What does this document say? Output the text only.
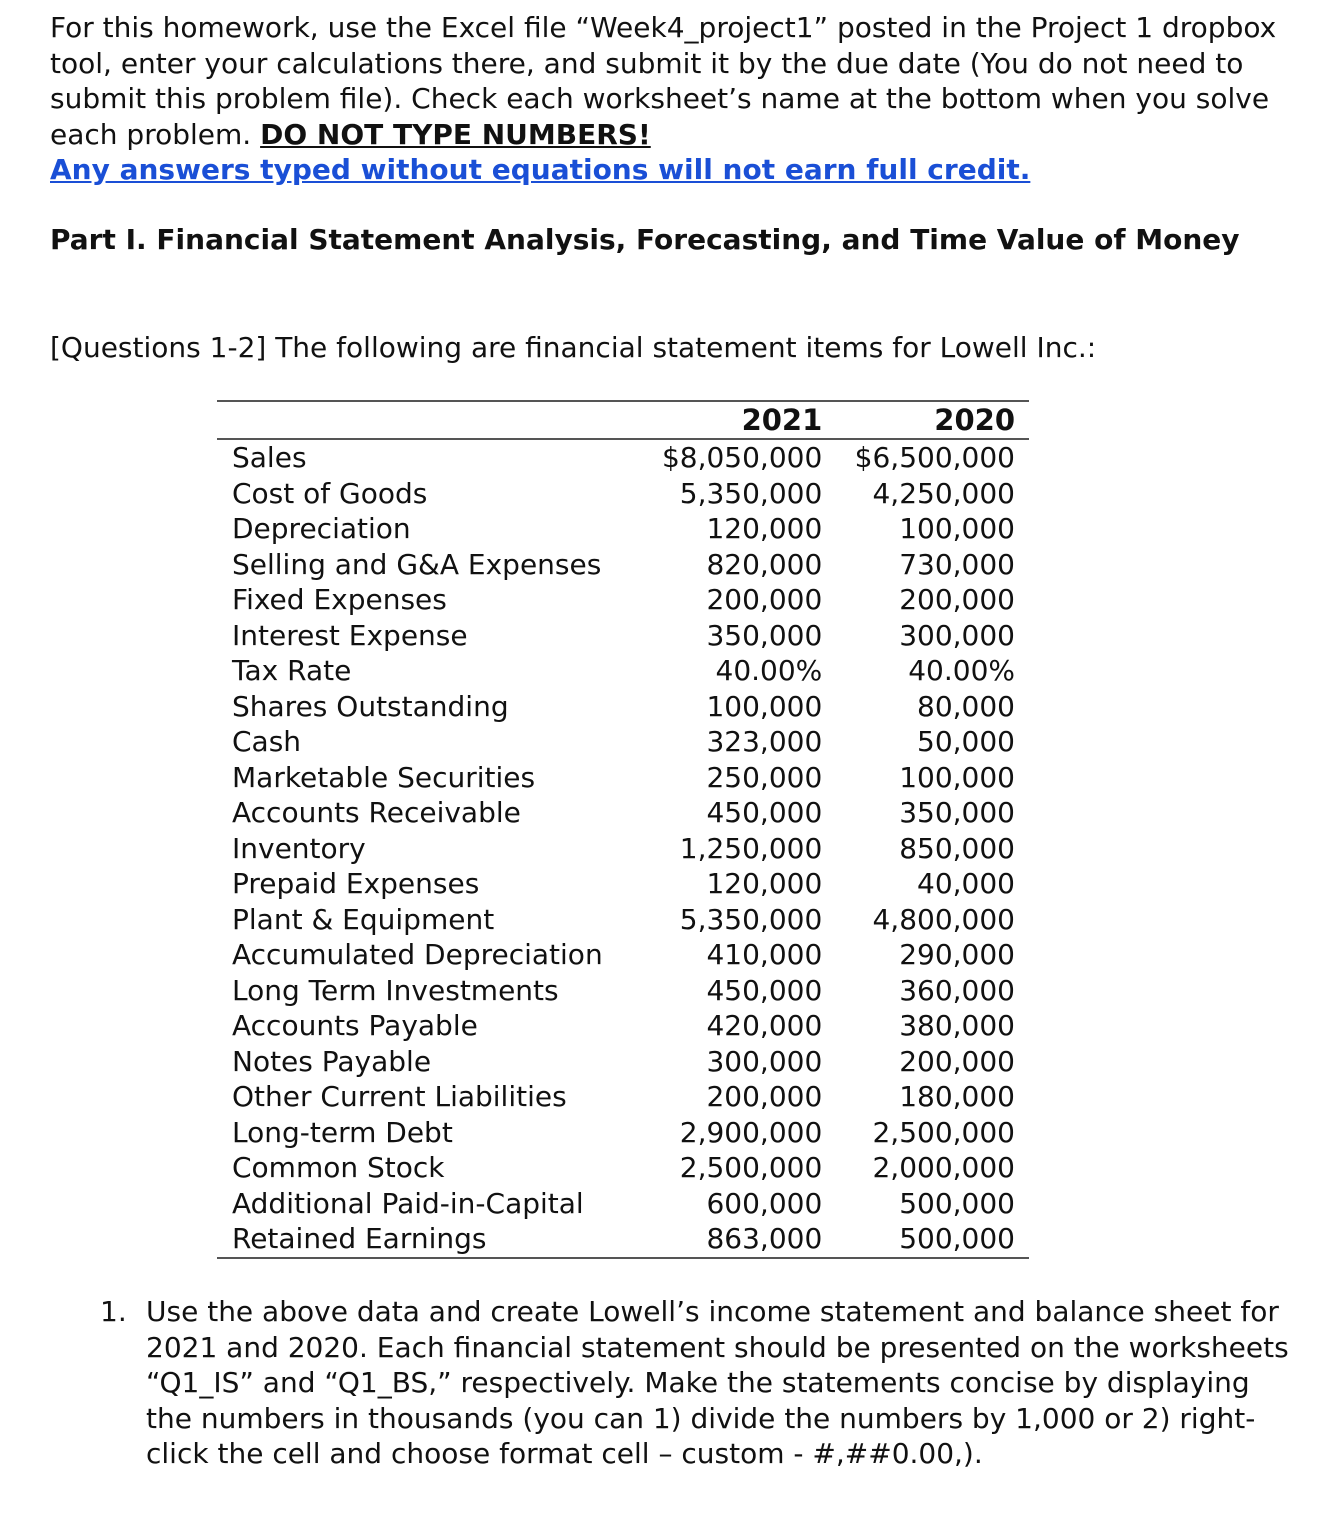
For this homework, use the Excel file “Week4_project1” posted in the Project 1 dropbox tool, enter your calculations there, and submit it by the due date (You do not need to submit this problem file). Check each worksheet’s name at the bottom when you solve each problem. DO NOT TYPE NUMBERS!
Any answers typed without equations will not earn full credit.

Part I. Financial Statement Analysis, Forecasting, and Time Value of Money

[Questions 1-2] The following are financial statement items for Lowell Inc.:

	2021	2020
Sales	$8,050,000	$6,500,000
Cost of Goods	5,350,000	4,250,000
Depreciation	120,000	100,000
Selling and G&A Expenses	820,000	730,000
Fixed Expenses	200,000	200,000
Interest Expense	350,000	300,000
Tax Rate	40.00%	40.00%
Shares Outstanding	100,000	80,000
Cash	323,000	50,000
Marketable Securities	250,000	100,000
Accounts Receivable	450,000	350,000
Inventory	1,250,000	850,000
Prepaid Expenses	120,000	40,000
Plant & Equipment	5,350,000	4,800,000
Accumulated Depreciation	410,000	290,000
Long Term Investments	450,000	360,000
Accounts Payable	420,000	380,000
Notes Payable	300,000	200,000
Other Current Liabilities	200,000	180,000
Long-term Debt	2,900,000	2,500,000
Common Stock	2,500,000	2,000,000
Additional Paid-in-Capital	600,000	500,000
Retained Earnings	863,000	500,000
1. Use the above data and create Lowell’s income statement and balance sheet for 2021 and 2020. Each financial statement should be presented on the worksheets “Q1_IS” and “Q1_BS,” respectively. Make the statements concise by displaying the numbers in thousands (you can 1) divide the numbers by 1,000 or 2) right-click the cell and choose format cell – custom - #,##0.00,).
